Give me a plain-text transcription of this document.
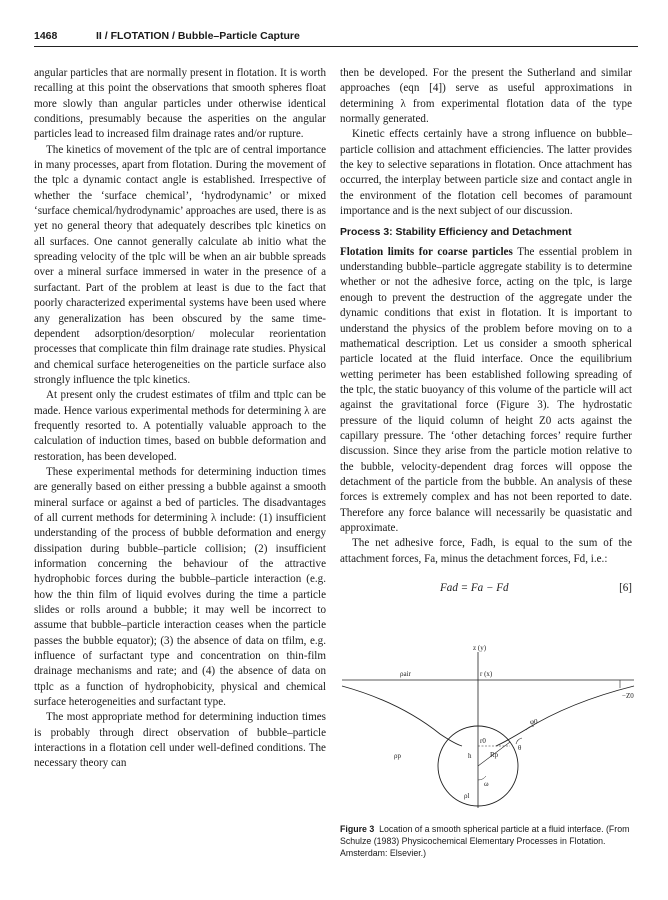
1468	II / FLOTATION / Bubble–Particle Capture

angular particles that are normally present in flotation. It is worth recalling at this point the observations that smooth spheres float more slowly than angular particles under otherwise identical conditions, presumably because the asperities on the angular particles lead to increased film drainage rates and/or rupture.

The kinetics of movement of the tplc are of central importance in many processes, apart from flotation. During the movement of the tplc a dynamic contact angle is established. Irrespective of whether the ‘surface chemical’, ‘hydrodynamic’ or mixed ‘surface chemical/hydrodynamic’ approaches are used, there is as yet no general theory that adequately describes tplc kinetics on all surfaces. One cannot generally calculate ab initio what the spreading velocity of the tplc will be when an air bubble spreads over a mineral surface immersed in water in the presence of a surfactant. Part of the problem at least is due to the fact that poorly characterized experimental systems have been used where any generalization has been obscured by the same time-dependent adsorption/desorption/ molecular reorientation processes that complicate thin film drainage rate studies. Physical and chemical surface heterogeneities on the particle surface also strongly influence the tplc kinetics.

At present only the crudest estimates of tfilm and ttplc can be made. Hence various experimental methods for determining λ are frequently resorted to. A potentially valuable approach to the calculation of induction times, based on bubble deformation and restoration, has been developed.

These experimental methods for determining induction times are generally based on either pressing a bubble against a smooth mineral surface or against a bed of particles. The disadvantages of all current methods for determining λ include: (1) insufficient understanding of the process of bubble deformation and energy dissipation during bubble–particle collision; (2) insufficient information concerning the behaviour of the attractive hydrophobic forces during the bubble–particle interaction (e.g. how the thin film of liquid evolves during the time a particle slides or rolls around a bubble; it may well be incorrect to assume that bubble–particle interaction ceases when the particle passes the bubble equator); (3) the absence of data on tfilm, e.g. influence of surfactant type and concentration on thin-film drainage mechanisms and rate; and (4) the absence of data on ttplc as a function of hydrophobicity, physical and chemical surface heterogeneities and surfactant type.

The most appropriate method for determining induction times is probably through direct observation of bubble–particle interactions in a flotation cell under well-defined conditions. The necessary theory can

then be developed. For the present the Sutherland and similar approaches (eqn [4]) serve as useful approximations in determining λ from experimental flotation data of the type normally generated.

Kinetic effects certainly have a strong influence on bubble–particle collision and attachment efficiencies. The latter provides the key to selective separations in flotation. Once attachment has occurred, the interplay between particle size and contact angle in the environment of the flotation cell becomes of paramount importance and is the next subject of our discussion.

Process 3: Stability Efficiency and Detachment

Flotation limits for coarse particles The essential problem in understanding bubble–particle aggregate stability is to determine whether or not the adhesive force, acting on the tplc, is large enough to prevent the destruction of the aggregate under the dynamic conditions that exist in flotation. It is important to understand the physics of the problem before moving on to a mathematical description. Let us consider a smooth spherical particle located at the fluid interface. Once the equilibrium wetting perimeter has been established following spreading of the tplc, the static buoyancy of this volume of the particle will act against the gravitational force (Figure 3). The hydrostatic pressure of the liquid column of height Z0 acts against the capillary pressure. The ‘other detaching forces’ require further discussion. Since they arise from the particle motion relative to the bubble, velocity-dependent drag forces will oppose the detachment of the particle from the bubble. An analysis of these forces is extremely complex and has not been reported to date. Therefore any force balance will necessarily be quasistatic and approximate.

The net adhesive force, Fadh, is equal to the sum of the attachment forces, Fa, minus the detachment forces, Fd, i.e.:

Fad = Fa − Fd	[6]
z (y)
ρair	r (x)
−Z0
r0
Rp
h
φ0
θ
ω
ρp
ρl
Figure 3 Location of a smooth spherical particle at a fluid interface. (From Schulze (1983) Physicochemical Elementary Processes in Flotation. Amsterdam: Elsevier.)
